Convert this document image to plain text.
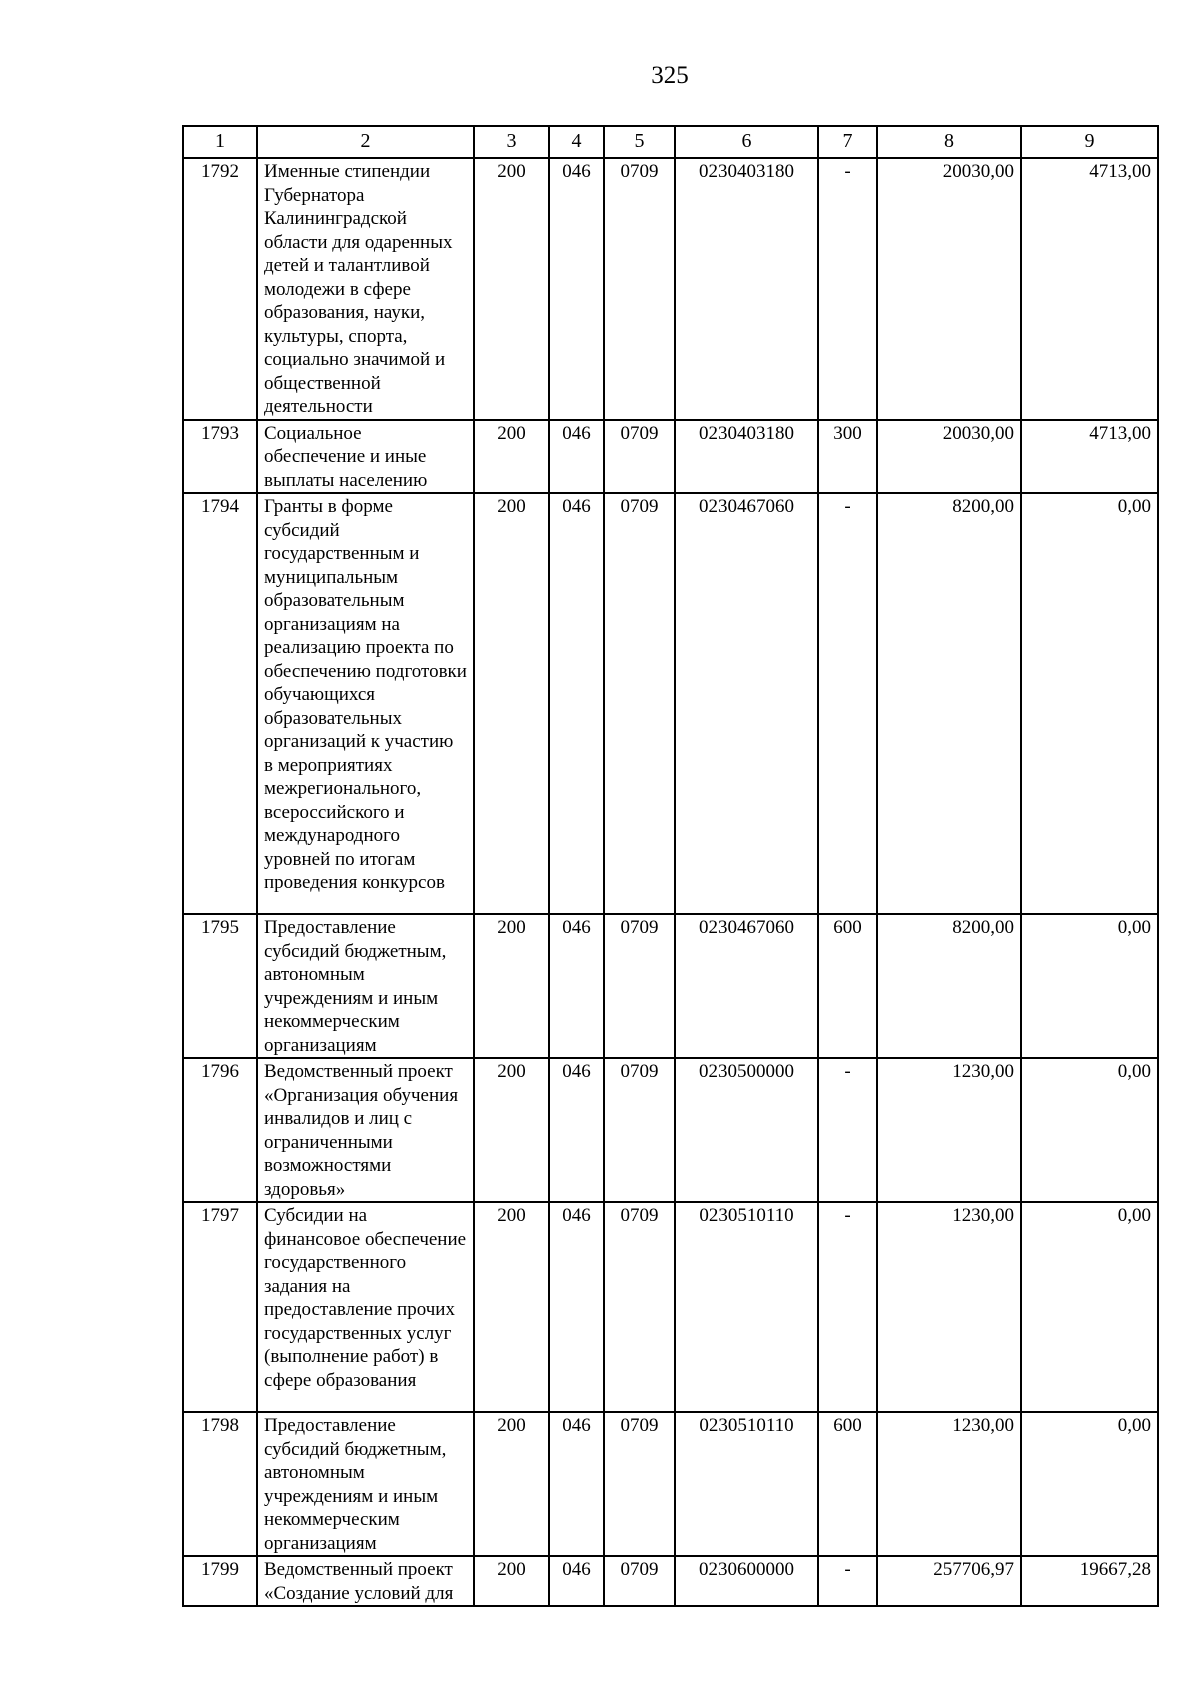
325
1	2	3	4	5	6	7	8	9
1792	Именные стипендии Губернатора Калининградской области для одаренных детей и талантливой молодежи в сфере образования, науки, культуры, спорта, социально значимой и общественной деятельности	200	046	0709	0230403180	-	20030,00	4713,00
1793	Социальное обеспечение и иные выплаты населению	200	046	0709	0230403180	300	20030,00	4713,00
1794	Гранты в форме субсидий государственным и муниципальным образовательным организациям на реализацию проекта по обеспечению подготовки обучающихся образовательных организаций к участию в мероприятиях межрегионального, всероссийского и международного уровней по итогам проведения конкурсов	200	046	0709	0230467060	-	8200,00	0,00
1795	Предоставление субсидий бюджетным, автономным учреждениям и иным некоммерческим организациям	200	046	0709	0230467060	600	8200,00	0,00
1796	Ведомственный проект «Организация обучения инвалидов и лиц с ограниченными возможностями здоровья»	200	046	0709	0230500000	-	1230,00	0,00
1797	Субсидии на финансовое обеспечение государственного задания на предоставление прочих государственных услуг (выполнение работ) в сфере образования	200	046	0709	0230510110	-	1230,00	0,00
1798	Предоставление субсидий бюджетным, автономным учреждениям и иным некоммерческим организациям	200	046	0709	0230510110	600	1230,00	0,00
1799	Ведомственный проект «Создание условий для	200	046	0709	0230600000	-	257706,97	19667,28
